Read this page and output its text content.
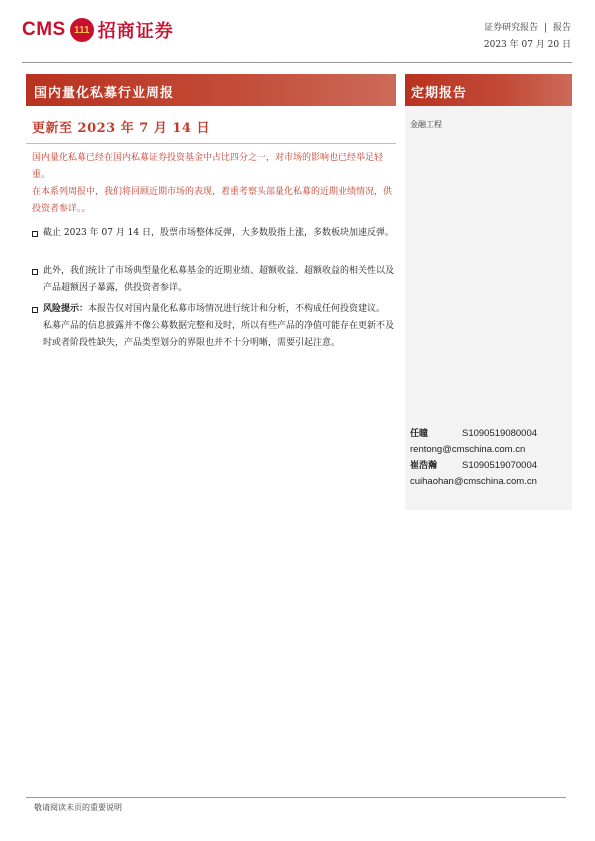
CMS 111 招商证券	证券研究报告 | 报告
2023 年 07 月 20 日
国内量化私募行业周报	定期报告
更新至 2023 年 7 月 14 日	金融工程
国内量化私募已经在国内私募证券投资基金中占比四分之一，对市场的影响也已经举足轻重。
在本系列周报中，我们将回顾近期市场的表现，着重考察头部量化私募的近期业绩情况，供投资者参详。。
截止 2023 年 07 月 14 日，股票市场整体反弹，大多数股指上涨，多数板块加速反弹。
此外，我们统计了市场典型量化私募基金的近期业绩、超额收益、超额收益的相关性以及产品超额因子暴露，供投资者参详。
风险提示：本报告仅对国内量化私募市场情况进行统计和分析，不构成任何投资建议。私募产品的信息披露并不像公募数据完整和及时，所以有些产品的净值可能存在更新不及时或者阶段性缺失，产品类型划分的界限也并不十分明晰，需要引起注意。
任瞳	S1090519080004
rentong@cmschina.com.cn
崔浩瀚	S1090519070004
cuihaohan@cmschina.com.cn
敬请阅读末页的重要说明
